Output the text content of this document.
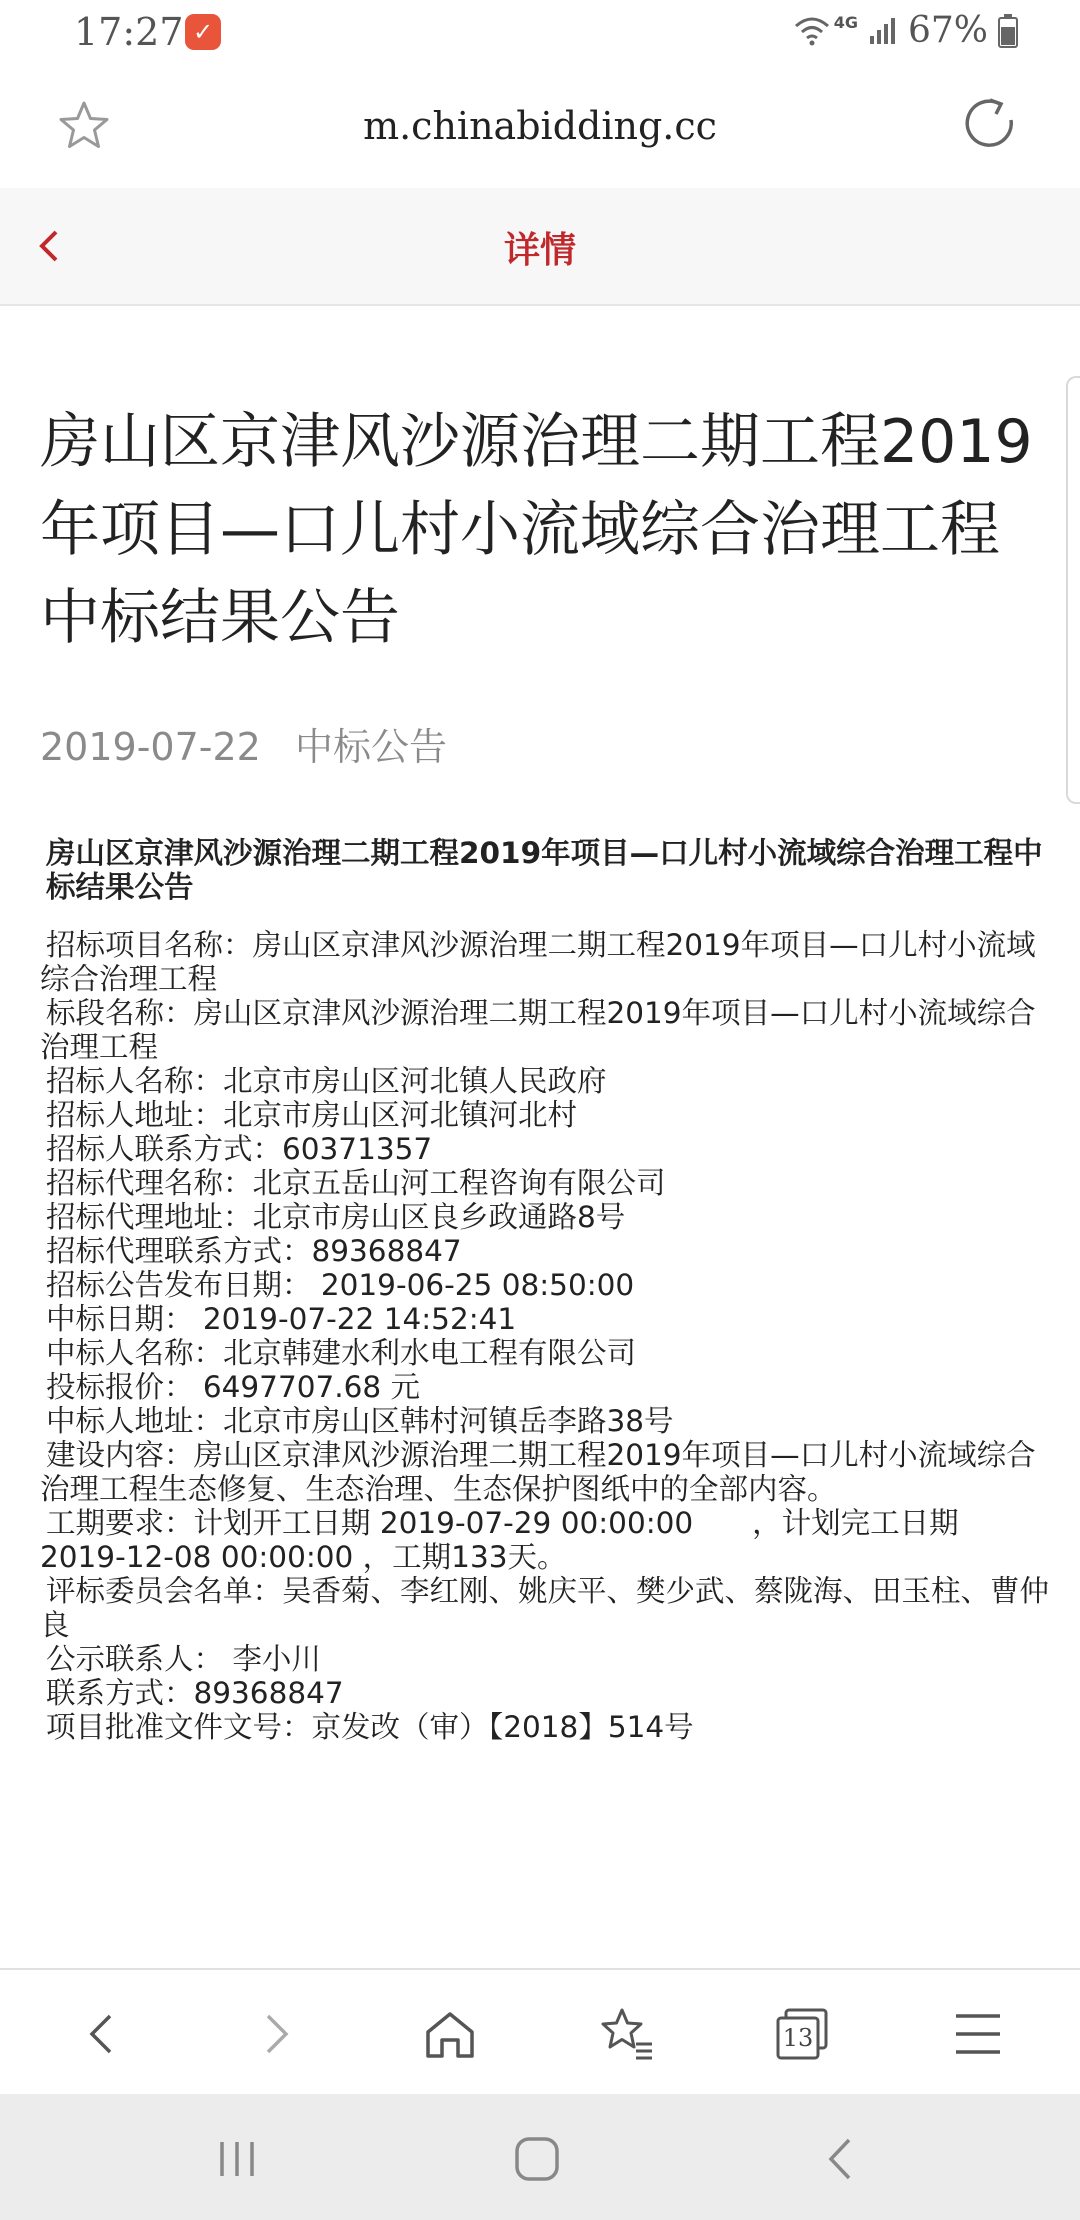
17:27 ✓	4G 67%
m.chinabidding.cc
详情
房山区京津风沙源治理二期工程2019年项目—口儿村小流域综合治理工程中标结果公告
2019-07-22 中标公告
房山区京津风沙源治理二期工程2019年项目—口儿村小流域综合治理工程中标结果公告
招标项目名称：房山区京津风沙源治理二期工程2019年项目—口儿村小流域综合治理工程
标段名称：房山区京津风沙源治理二期工程2019年项目—口儿村小流域综合治理工程
招标人名称：北京市房山区河北镇人民政府
招标人地址：北京市房山区河北镇河北村
招标人联系方式：60371357
招标代理名称：北京五岳山河工程咨询有限公司
招标代理地址：北京市房山区良乡政通路8号
招标代理联系方式：89368847
招标公告发布日期： 2019-06-25 08:50:00
中标日期： 2019-07-22 14:52:41
中标人名称：北京韩建水利水电工程有限公司
投标报价： 6497707.68 元
中标人地址：北京市房山区韩村河镇岳李路38号
建设内容：房山区京津风沙源治理二期工程2019年项目—口儿村小流域综合治理工程生态修复、生态治理、生态保护图纸中的全部内容。
工期要求：计划开工日期 2019-07-29 00:00:00　　，计划完工日期 2019-12-08 00:00:00 ，工期133天。
评标委员会名单：吴香菊、李红刚、姚庆平、樊少武、蔡陇海、田玉柱、曹仲良
公示联系人： 李小川
联系方式：89368847
项目批准文件文号：京发改（审）【2018】514号
13
